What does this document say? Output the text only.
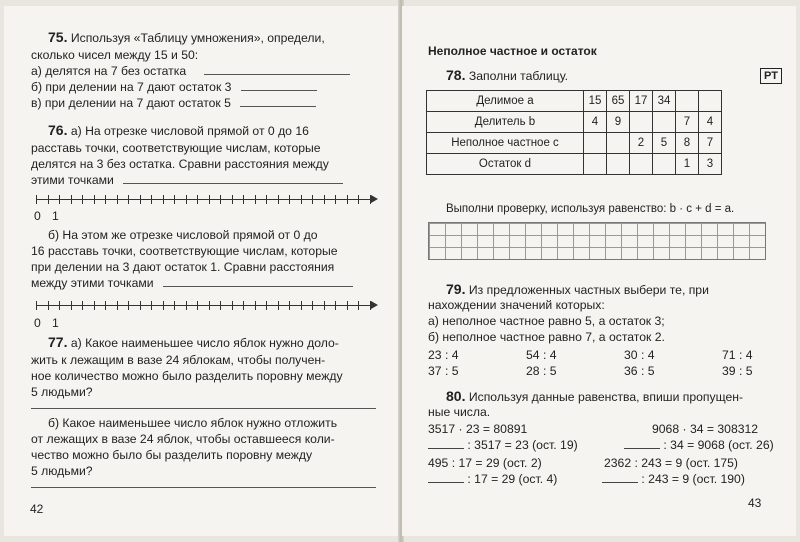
75. Используя «Таблицу умножения», определи,
сколько чисел между 15 и 50:
а) делятся на 7 без остатка
б) при делении на 7 дают остаток 3
в) при делении на 7 дают остаток 5
76. а) На отрезке числовой прямой от 0 до 16
расставь точки, соответствующие числам, которые
делятся на 3 без остатка. Сравни расстояния между
этими точками
0 1
б) На этом же отрезке числовой прямой от 0 до
16 расставь точки, соответствующие числам, которые
при делении на 3 дают остаток 1. Сравни расстояния
между этими точками
0 1
77. а) Какое наименьшее число яблок нужно доло-
жить к лежащим в вазе 24 яблокам, чтобы получен-
ное количество можно было разделить поровну между
5 людьми?
б) Какое наименьшее число яблок нужно отложить
от лежащих в вазе 24 яблок, чтобы оставшееся коли-
чество можно было бы разделить поровну между
5 людьми?
42
Неполное частное и остаток
РТ
78. Заполни таблицу.
Делимое a	15	65	17	34		
Делитель b	4	9			7	4
Неполное частное c			2	5	8	7
Остаток d					1	3
Выполни проверку, используя равенство: b · c + d = a.
79. Из предложенных частных выбери те, при
нахождении значений которых:
а) неполное частное равно 5, а остаток 3;
б) неполное частное равно 7, а остаток 2.
23 : 4	54 : 4	30 : 4	71 : 4
37 : 5	28 : 5	36 : 5	39 : 5
80. Используя данные равенства, впиши пропущен-
ные числа.
3517 · 23 = 80891
: 3517 = 23 (ост. 19)
9068 · 34 = 308312
: 34 = 9068 (ост. 26)
495 : 17 = 29 (ост. 2)
: 17 = 29 (ост. 4)
2362 : 243 = 9 (ост. 175)
: 243 = 9 (ост. 190)
43
